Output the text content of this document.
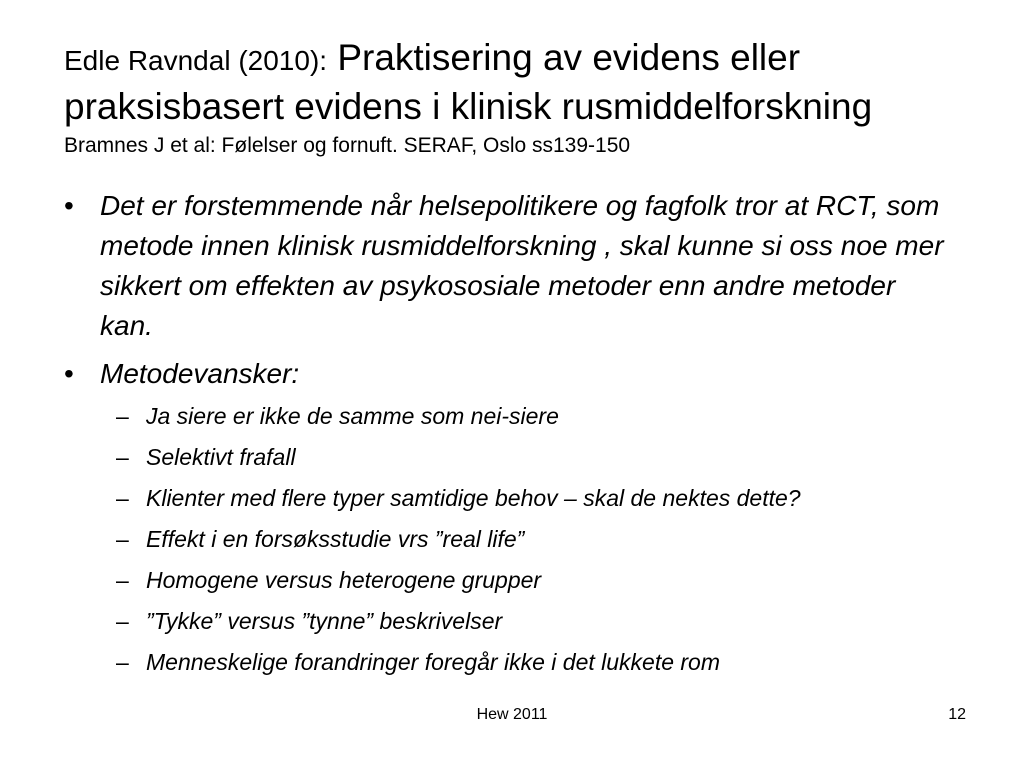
Edle Ravndal (2010): Praktisering av evidens eller
praksisbasert evidens i klinisk rusmiddelforskning
Bramnes J et al: Følelser og fornuft. SERAF, Oslo ss139-150
• Det er forstemmende når helsepolitikere og fagfolk tror at RCT, som metode innen klinisk rusmiddelforskning , skal kunne si oss noe mer sikkert om effekten av psykososiale metoder enn andre metoder kan.
• Metodevansker:
– Ja siere er ikke de samme som nei-siere
– Selektivt frafall
– Klienter med flere typer samtidige behov – skal de nektes dette?
– Effekt i en forsøksstudie vrs ”real life”
– Homogene versus heterogene grupper
– ”Tykke” versus ”tynne” beskrivelser
– Menneskelige forandringer foregår ikke i det lukkete rom
Hew 2011	12
